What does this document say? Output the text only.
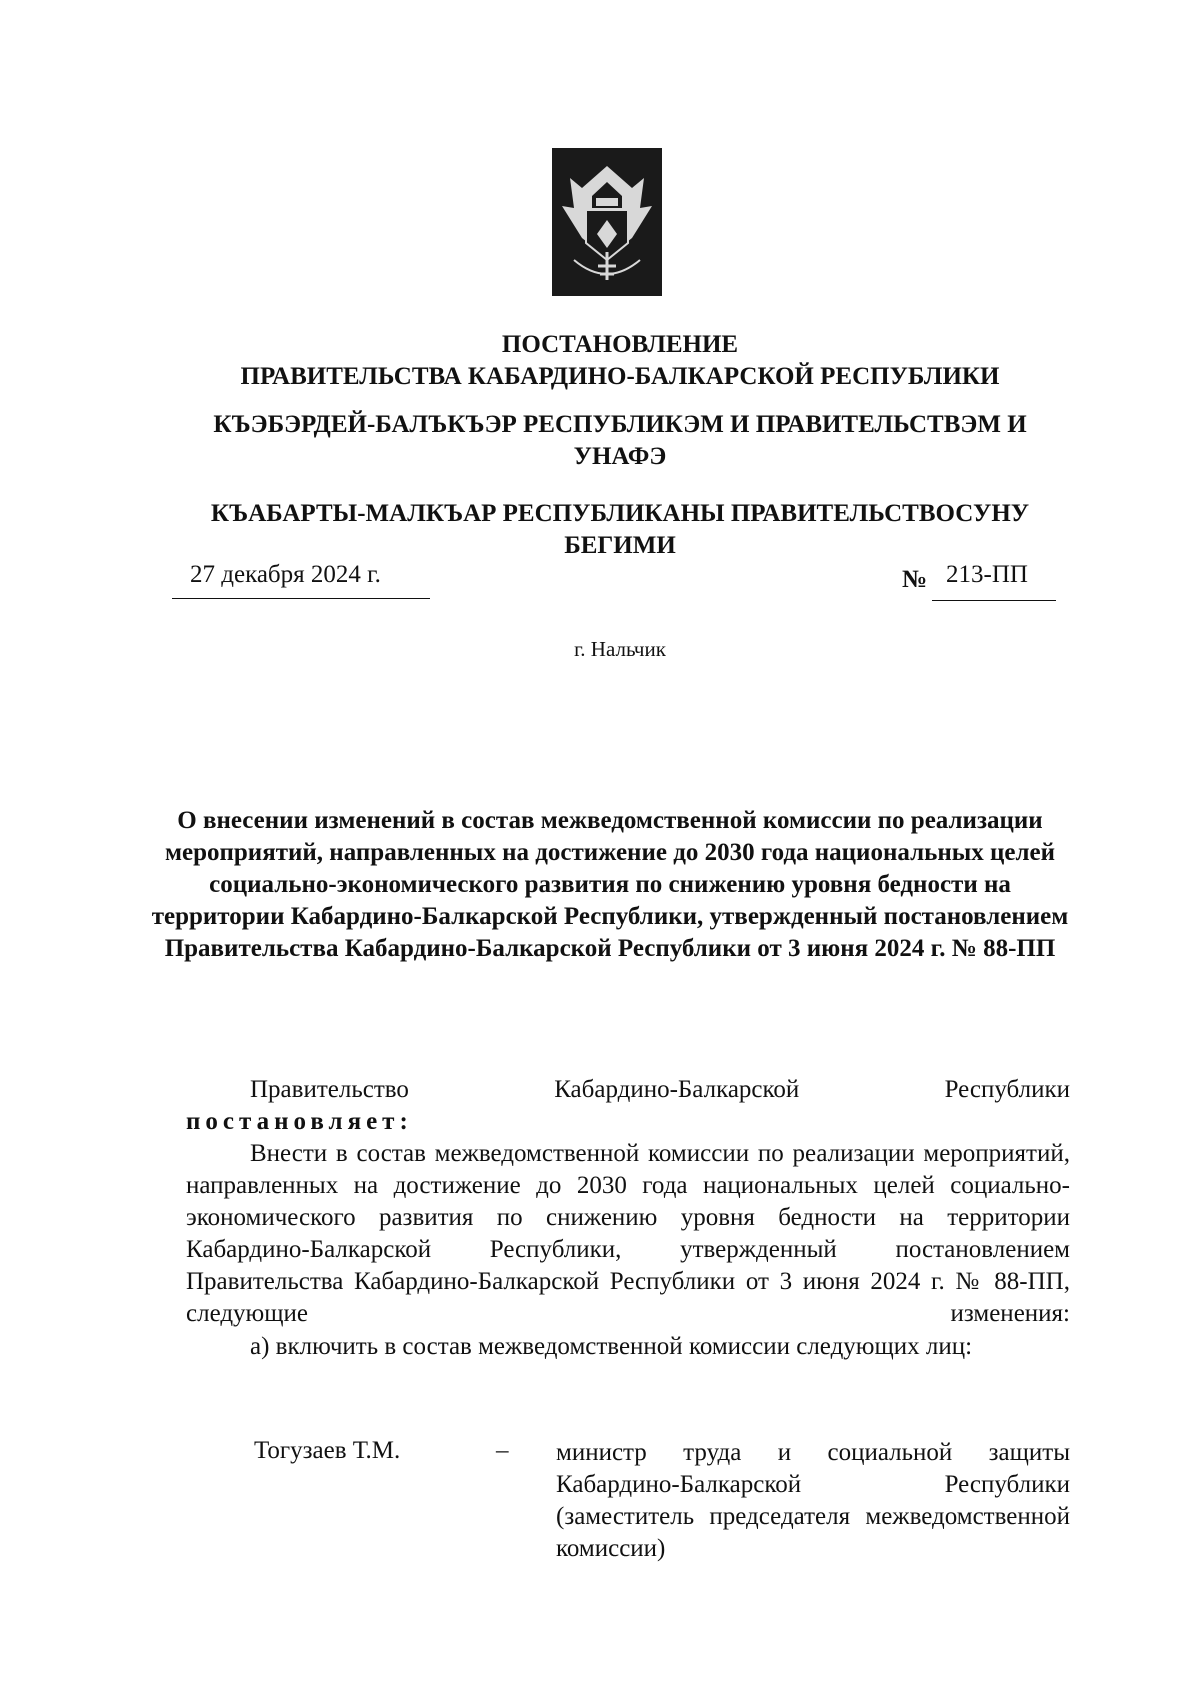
ПОСТАНОВЛЕНИЕ
ПРАВИТЕЛЬСТВА КАБАРДИНО-БАЛКАРСКОЙ РЕСПУБЛИКИ
КЪЭБЭРДЕЙ-БАЛЪКЪЭР РЕСПУБЛИКЭМ И ПРАВИТЕЛЬСТВЭМ И УНАФЭ
КЪАБАРТЫ-МАЛКЪАР РЕСПУБЛИКАНЫ ПРАВИТЕЛЬСТВОСУНУ БЕГИМИ
27 декабря 2024 г.	№ 213-ПП
г. Нальчик
О внесении изменений в состав межведомственной комиссии по реализации мероприятий, направленных на достижение до 2030 года национальных целей социально-экономического развития по снижению уровня бедности на территории Кабардино-Балкарской Республики, утвержденный постановлением Правительства Кабардино-Балкарской Республики от 3 июня 2024 г. № 88-ПП
Правительство	Кабардино-Балкарской	Республики
постановляет:
Внести в состав межведомственной комиссии по реализации мероприятий, направленных на достижение до 2030 года национальных целей социально-экономического развития по снижению уровня бедности на территории Кабардино-Балкарской Республики, утвержденный постановлением Правительства Кабардино-Балкарской Республики от 3 июня 2024 г. № 88-ПП, следующие изменения:
а) включить в состав межведомственной комиссии следующих лиц:
Тогузаев Т.М.	– министр труда и социальной защиты Кабардино-Балкарской Республики (заместитель председателя межведомственной комиссии)
